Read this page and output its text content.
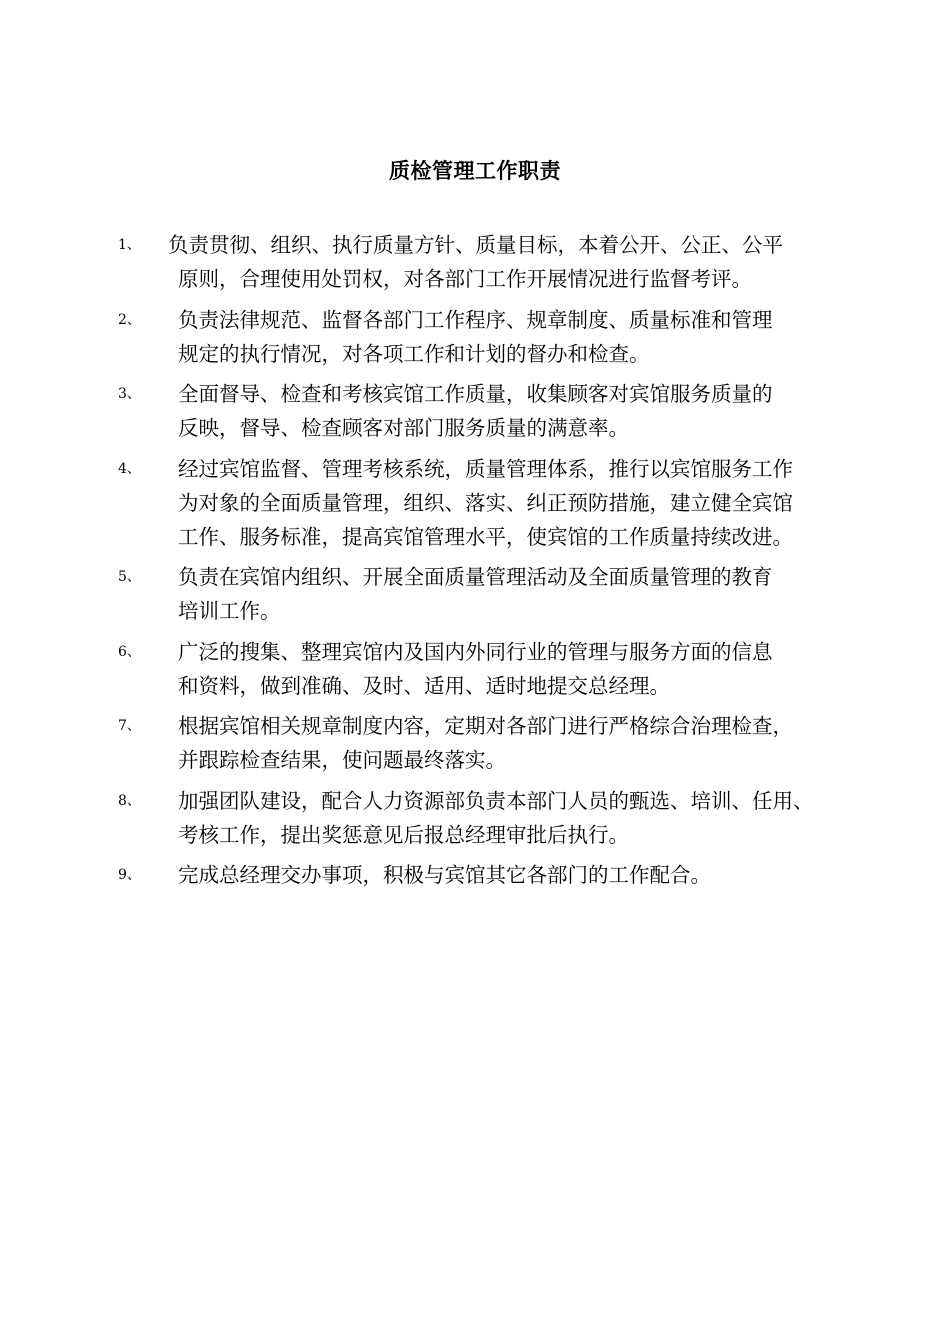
质检管理工作职责
1、 负责贯彻、组织、执行质量方针、质量目标，本着公开、公正、公平
原则，合理使用处罚权，对各部门工作开展情况进行监督考评。
2、 负责法律规范、监督各部门工作程序、规章制度、质量标准和管理
规定的执行情况，对各项工作和计划的督办和检查。
3、 全面督导、检查和考核宾馆工作质量，收集顾客对宾馆服务质量的
反映，督导、检查顾客对部门服务质量的满意率。
4、 经过宾馆监督、管理考核系统，质量管理体系，推行以宾馆服务工作
为对象的全面质量管理，组织、落实、纠正预防措施，建立健全宾馆
工作、服务标准，提高宾馆管理水平，使宾馆的工作质量持续改进。
5、 负责在宾馆内组织、开展全面质量管理活动及全面质量管理的教育
培训工作。
6、 广泛的搜集、整理宾馆内及国内外同行业的管理与服务方面的信息
和资料，做到准确、及时、适用、适时地提交总经理。
7、 根据宾馆相关规章制度内容，定期对各部门进行严格综合治理检查，
并跟踪检查结果，使问题最终落实。
8、 加强团队建设，配合人力资源部负责本部门人员的甄选、培训、任用、
考核工作，提出奖惩意见后报总经理审批后执行。
9、 完成总经理交办事项，积极与宾馆其它各部门的工作配合。
